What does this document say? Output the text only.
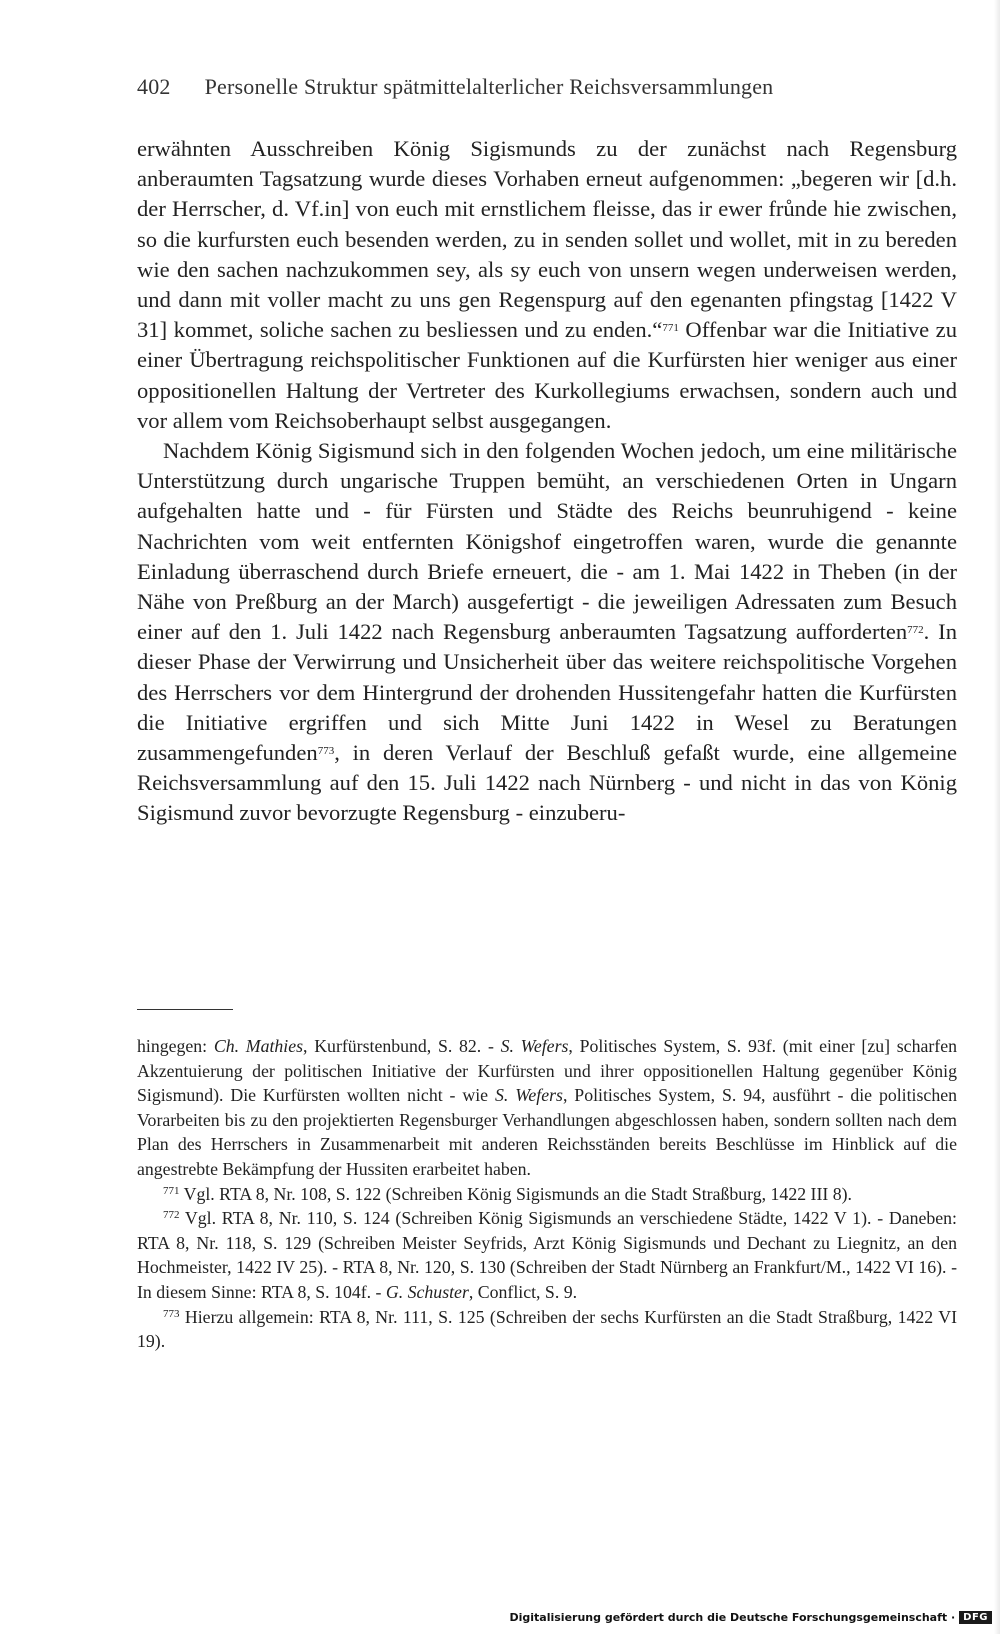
402 Personelle Struktur spätmittelalterlicher Reichsversammlungen

erwähnten Ausschreiben König Sigismunds zu der zunächst nach Regensburg anberaumten Tagsatzung wurde dieses Vorhaben erneut aufgenommen: „begeren wir [d.h. der Herrscher, d. Vf.in] von euch mit ernstlichem fleisse, das ir ewer frůnde hie zwischen, so die kurfursten euch besenden werden, zu in senden sollet und wollet, mit in zu bereden wie den sachen nachzukommen sey, als sy euch von unsern wegen underweisen werden, und dann mit voller macht zu uns gen Regenspurg auf den egenanten pfingstag [1422 V 31] kommet, soliche sachen zu besliessen und zu enden.“$^{771}$ Offenbar war die Initiative zu einer Übertragung reichspolitischer Funktionen auf die Kurfürsten hier weniger aus einer oppositionellen Haltung der Vertreter des Kurkollegiums erwachsen, sondern auch und vor allem vom Reichsoberhaupt selbst ausgegangen.

Nachdem König Sigismund sich in den folgenden Wochen jedoch, um eine militärische Unterstützung durch ungarische Truppen bemüht, an verschiedenen Orten in Ungarn aufgehalten hatte und - für Fürsten und Städte des Reichs beunruhigend - keine Nachrichten vom weit entfernten Königshof eingetroffen waren, wurde die genannte Einladung überraschend durch Briefe erneuert, die - am 1. Mai 1422 in Theben (in der Nähe von Preßburg an der March) ausgefertigt - die jeweiligen Adressaten zum Besuch einer auf den 1. Juli 1422 nach Regensburg anberaumten Tagsatzung aufforderten$^{772}$. In dieser Phase der Verwirrung und Unsicherheit über das weitere reichspolitische Vorgehen des Herrschers vor dem Hintergrund der drohenden Hussitengefahr hatten die Kurfürsten die Initiative ergriffen und sich Mitte Juni 1422 in Wesel zu Beratungen zusammengefunden$^{773}$, in deren Verlauf der Beschluß gefaßt wurde, eine allgemeine Reichsversammlung auf den 15. Juli 1422 nach Nürnberg - und nicht in das von König Sigismund zuvor bevorzugte Regensburg - einzuberu-

hingegen: Ch. Mathies, Kurfürstenbund, S. 82. - S. Wefers, Politisches System, S. 93f. (mit einer [zu] scharfen Akzentuierung der politischen Initiative der Kurfürsten und ihrer oppositionellen Haltung gegenüber König Sigismund). Die Kurfürsten wollten nicht - wie S. Wefers, Politisches System, S. 94, ausführt - die politischen Vorarbeiten bis zu den projektierten Regensburger Verhandlungen abgeschlossen haben, sondern sollten nach dem Plan des Herrschers in Zusammenarbeit mit anderen Reichsständen bereits Beschlüsse im Hinblick auf die angestrebte Bekämpfung der Hussiten erarbeitet haben.

$^{771}$ Vgl. RTA 8, Nr. 108, S. 122 (Schreiben König Sigismunds an die Stadt Straßburg, 1422 III 8).

$^{772}$ Vgl. RTA 8, Nr. 110, S. 124 (Schreiben König Sigismunds an verschiedene Städte, 1422 V 1). - Daneben: RTA 8, Nr. 118, S. 129 (Schreiben Meister Seyfrids, Arzt König Sigismunds und Dechant zu Liegnitz, an den Hochmeister, 1422 IV 25). - RTA 8, Nr. 120, S. 130 (Schreiben der Stadt Nürnberg an Frankfurt/M., 1422 VI 16). - In diesem Sinne: RTA 8, S. 104f. - G. Schuster, Conflict, S. 9.

$^{773}$ Hierzu allgemein: RTA 8, Nr. 111, S. 125 (Schreiben der sechs Kurfürsten an die Stadt Straßburg, 1422 VI 19).

Digitalisierung gefördert durch die Deutsche Forschungsgemeinschaft · DFG
